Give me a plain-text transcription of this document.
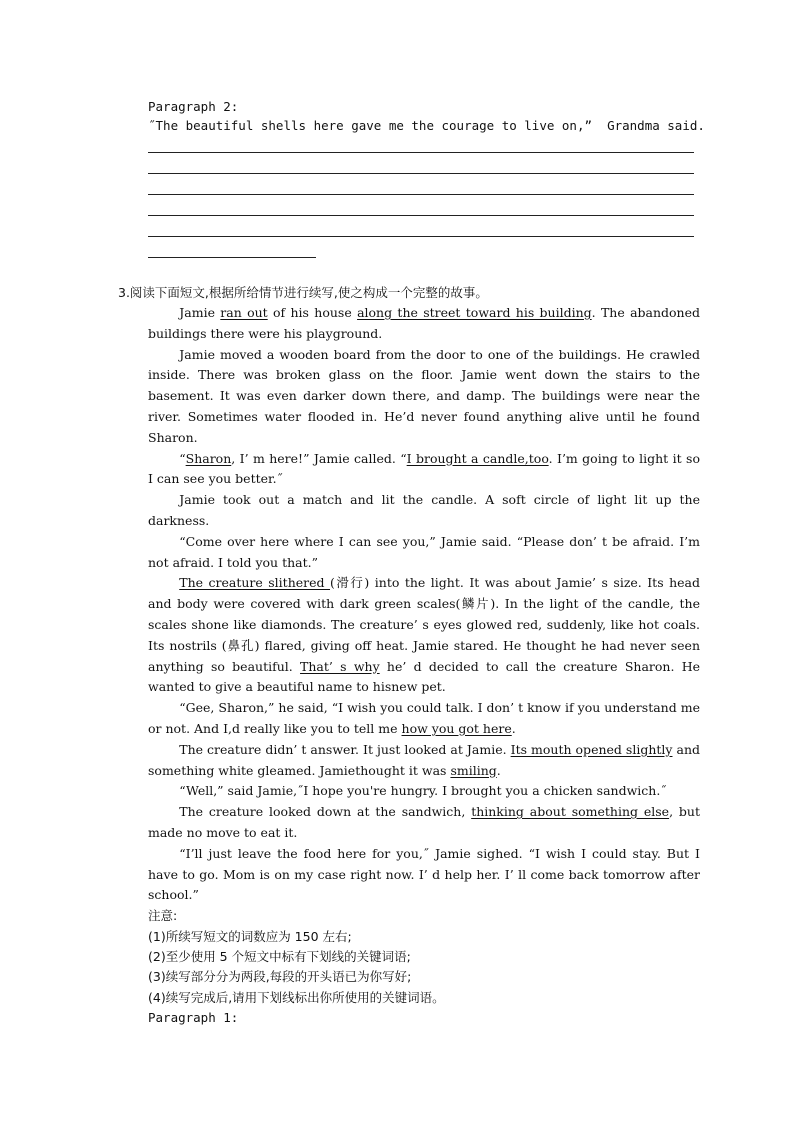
Paragraph 2:
˝The beautiful shells here gave me the courage to live on,”  Grandma said.
3.阅读下面短文,根据所给情节进行续写,使之构成一个完整的故事。

Jamie ran out of his house along the street toward his building. The abandoned buildings there were his playground.

Jamie moved a wooden board from the door to one of the buildings. He crawled inside. There was broken glass on the floor. Jamie went down the stairs to the basement. It was even darker down there, and damp. The buildings were near the river. Sometimes water flooded in. He’d never found anything alive until he found Sharon.

“Sharon, I’ m here!” Jamie called. “I brought a candle,too. I’m going to light it so I can see you better.˝

Jamie took out a match and lit the candle. A soft circle of light lit up the darkness.

“Come over here where I can see you,” Jamie said. “Please don’ t be afraid. I’m not afraid. I told you that.”

The creature slithered (滑行) into the light. It was about Jamie’ s size. Its head and body were covered with dark green scales(鳞片). In the light of the candle, the scales shone like diamonds. The creature’ s eyes glowed red, suddenly, like hot coals. Its nostrils (鼻孔) flared, giving off heat. Jamie stared. He thought he had never seen anything so beautiful. That’ s why he’ d decided to call the creature Sharon. He wanted to give a beautiful name to hisnew pet.

“Gee, Sharon,” he said, “I wish you could talk. I don’ t know if you understand me or not. And I,d really like you to tell me how you got here.

The creature didn’ t answer. It just looked at Jamie. Its mouth opened slightly and something white gleamed. Jamiethought it was smiling.

“Well,” said Jamie,˝I hope you're hungry. I brought you a chicken sandwich.˝

The creature looked down at the sandwich, thinking about something else, but made no move to eat it.

“I’ll just leave the food here for you,˝ Jamie sighed. “I wish I could stay. But I have to go. Mom is on my case right now. I’ d help her. I’ ll come back tomorrow after school.”

注意:
(1)所续写短文的词数应为 150 左右;
(2)至少使用 5 个短文中标有下划线的关键词语;
(3)续写部分分为两段,每段的开头语已为你写好;
(4)续写完成后,请用下划线标出你所使用的关键词语。
Paragraph 1:
